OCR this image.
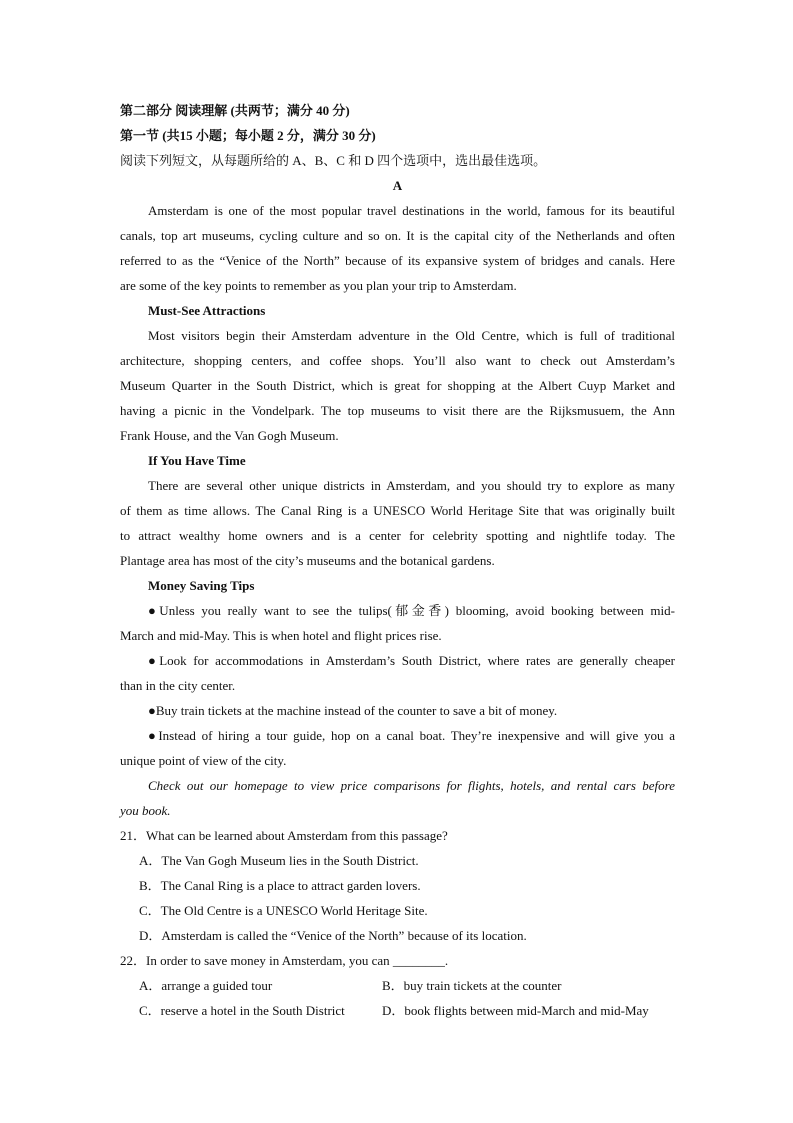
第二部分 阅读理解 (共两节；满分 40 分)
第一节 (共15 小题；每小题 2 分，满分 30 分)
阅读下列短文，从每题所给的 A、B、C 和 D 四个选项中，选出最佳选项。
A
Amsterdam is one of the most popular travel destinations in the world, famous for its beautiful
canals, top art museums, cycling culture and so on. It is the capital city of the Netherlands and often
referred to as the “Venice of the North” because of its expansive system of bridges and canals. Here
are some of the key points to remember as you plan your trip to Amsterdam.
Must-See Attractions
Most visitors begin their Amsterdam adventure in the Old Centre, which is full of traditional
architecture, shopping centers, and coffee shops. You’ll also want to check out Amsterdam’s
Museum Quarter in the South District, which is great for shopping at the Albert Cuyp Market and
having a picnic in the Vondelpark. The top museums to visit there are the Rijksmusuem, the Ann
Frank House, and the Van Gogh Museum.
If You Have Time
There are several other unique districts in Amsterdam, and you should try to explore as many
of them as time allows. The Canal Ring is a UNESCO World Heritage Site that was originally built
to attract wealthy home owners and is a center for celebrity spotting and nightlife today. The
Plantage area has most of the city’s museums and the botanical gardens.
Money Saving Tips
●Unless you really want to see the tulips(郁金香) blooming, avoid booking between mid-
March and mid-May. This is when hotel and flight prices rise.
●Look for accommodations in Amsterdam’s South District, where rates are generally cheaper
than in the city center.
●Buy train tickets at the machine instead of the counter to save a bit of money.
●Instead of hiring a tour guide, hop on a canal boat. They’re inexpensive and will give you a
unique point of view of the city.
Check out our homepage to view price comparisons for flights, hotels, and rental cars before
you book.
21．What can be learned about Amsterdam from this passage?
A．The Van Gogh Museum lies in the South District.
B．The Canal Ring is a place to attract garden lovers.
C．The Old Centre is a UNESCO World Heritage Site.
D．Amsterdam is called the “Venice of the North” because of its location.
22．In order to save money in Amsterdam, you can ________.
A．arrange a guided tour	B．buy train tickets at the counter
C．reserve a hotel in the South District	D．book flights between mid-March and mid-May
